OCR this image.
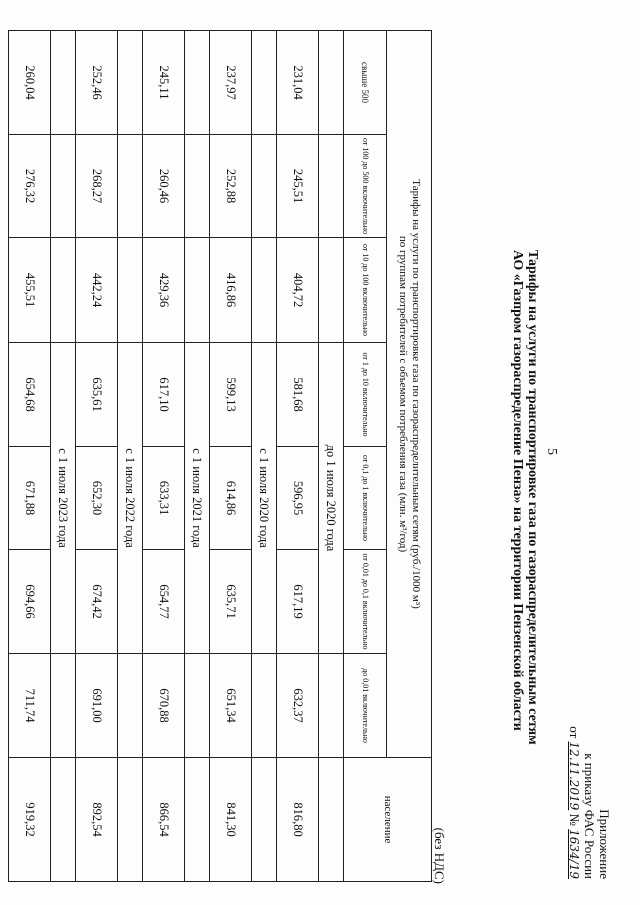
5
Приложение
к приказу ФАС России
от 12.11.2019 № 1634/19
Тарифы на услуги по транспортировке газа по газораспределительным сетям
АО «Газпром газораспределение Пенза» на территории Пензенской области
(без НДС)
Тарифы на услуги по транспортировке газа по газораспределительным сетям (руб./1000 м³)
по группам потребителей с объемом потребления газа (млн. м³/год)							население
свыше 500	от 100 до 500 включительно	от 10 до 100 включительно	от 1 до 10 включительно	от 0,1 до 1 включительно	от 0,01 до 0,1 включительно	до 0,01 включительно	
			до 1 июля 2020 года				
231,04	245,51	404,72	581,68	596,95	617,19	632,37	816,80
			с 1 июля 2020 года				
237,97	252,88	416,86	599,13	614,86	635,71	651,34	841,30
			с 1 июля 2021 года				
245,11	260,46	429,36	617,10	633,31	654,77	670,88	866,54
			с 1 июля 2022 года				
252,46	268,27	442,24	635,61	652,30	674,42	691,00	892,54
			с 1 июля 2023 года				
260,04	276,32	455,51	654,68	671,88	694,66	711,74	919,32
